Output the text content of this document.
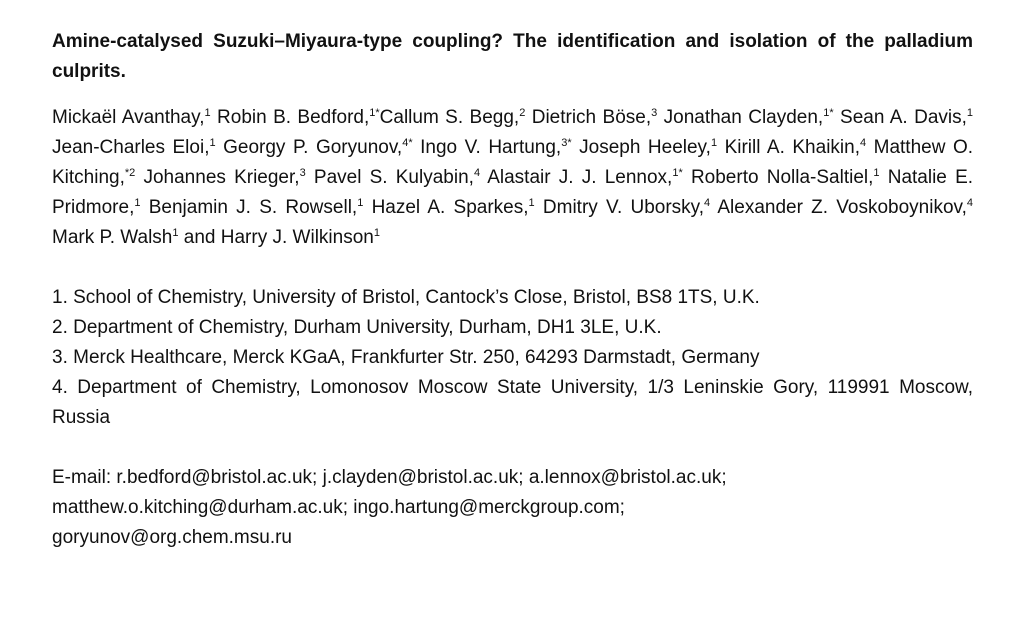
Amine-catalysed Suzuki–Miyaura-type coupling? The identification and isolation of the palladium culprits.

Mickaël Avanthay,$^1$ Robin B. Bedford,$^{1*}$Callum S. Begg,$^2$ Dietrich Böse,$^3$ Jonathan Clayden,$^{1*}$ Sean A. Davis,$^1$ Jean-Charles Eloi,$^1$ Georgy P. Goryunov,$^{4*}$ Ingo V. Hartung,$^{3*}$ Joseph Heeley,$^1$ Kirill A. Khaikin,$^4$ Matthew O. Kitching,$^{*2}$ Johannes Krieger,$^3$ Pavel S. Kulyabin,$^4$ Alastair J. J. Lennox,$^{1*}$ Roberto Nolla-Saltiel,$^1$ Natalie E. Pridmore,$^1$ Benjamin J. S. Rowsell,$^1$ Hazel A. Sparkes,$^1$ Dmitry V. Uborsky,$^4$ Alexander Z. Voskoboynikov,$^4$ Mark P. Walsh$^1$ and Harry J. Wilkinson$^1$
1. School of Chemistry, University of Bristol, Cantock’s Close, Bristol, BS8 1TS, U.K.
2. Department of Chemistry, Durham University, Durham, DH1 3LE, U.K.
3. Merck Healthcare, Merck KGaA, Frankfurter Str. 250, 64293 Darmstadt, Germany
4. Department of Chemistry, Lomonosov Moscow State University, 1/3 Leninskie Gory, 119991 Moscow, Russia
E-mail: r.bedford@bristol.ac.uk; j.clayden@bristol.ac.uk; a.lennox@bristol.ac.uk;
matthew.o.kitching@durham.ac.uk; ingo.hartung@merckgroup.com;
goryunov@org.chem.msu.ru
